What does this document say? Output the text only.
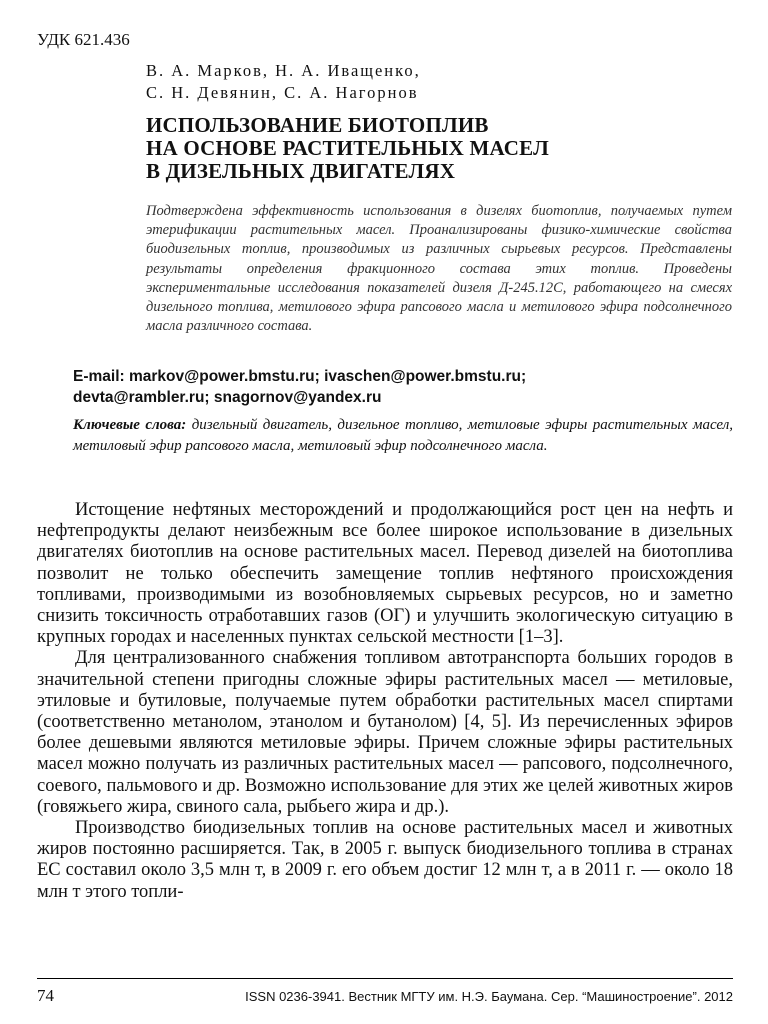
УДК 621.436
В. А. Марков, Н. А. Иващенко,
С. Н. Девянин, С. А. Нагорнов
ИСПОЛЬЗОВАНИЕ БИОТОПЛИВ
НА ОСНОВЕ РАСТИТЕЛЬНЫХ МАСЕЛ
В ДИЗЕЛЬНЫХ ДВИГАТЕЛЯХ
Подтверждена эффективность использования в дизелях биотоплив, получаемых путем этерификации растительных масел. Проанализированы физико-химические свойства биодизельных топлив, производимых из различных сырьевых ресурсов. Представлены результаты определения фракционного состава этих топлив. Проведены экспериментальные исследования показателей дизеля Д-245.12С, работающего на смесях дизельного топлива, метилового эфира рапсового масла и метилового эфира подсолнечного масла различного состава.
E-mail: markov@power.bmstu.ru; ivaschen@power.bmstu.ru;
devta@rambler.ru; snagornov@yandex.ru
Ключевые слова: дизельный двигатель, дизельное топливо, метиловые эфиры растительных масел, метиловый эфир рапсового масла, метиловый эфир подсолнечного масла.

Истощение нефтяных месторождений и продолжающийся рост цен на нефть и нефтепродукты делают неизбежным все более широкое использование в дизельных двигателях биотоплив на основе растительных масел. Перевод дизелей на биотоплива позволит не только обеспечить замещение топлив нефтяного происхождения топливами, производимыми из возобновляемых сырьевых ресурсов, но и заметно снизить токсичность отработавших газов (ОГ) и улучшить экологическую ситуацию в крупных городах и населенных пунктах сельской местности [1–3].

Для централизованного снабжения топливом автотранспорта больших городов в значительной степени пригодны сложные эфиры растительных масел — метиловые, этиловые и бутиловые, получаемые путем обработки растительных масел спиртами (соответственно метанолом, этанолом и бутанолом) [4, 5]. Из перечисленных эфиров более дешевыми являются метиловые эфиры. Причем сложные эфиры растительных масел можно получать из различных растительных масел — рапсового, подсолнечного, соевого, пальмового и др. Возможно использование для этих же целей животных жиров (говяжьего жира, свиного сала, рыбьего жира и др.).

Производство биодизельных топлив на основе растительных масел и животных жиров постоянно расширяется. Так, в 2005 г. выпуск биодизельного топлива в странах ЕС составил около 3,5 млн т, в 2009 г. его объем достиг 12 млн т, а в 2011 г. — около 18 млн т этого топли-

74	ISSN 0236-3941. Вестник МГТУ им. Н.Э. Баумана. Сер. “Машиностроение”. 2012
